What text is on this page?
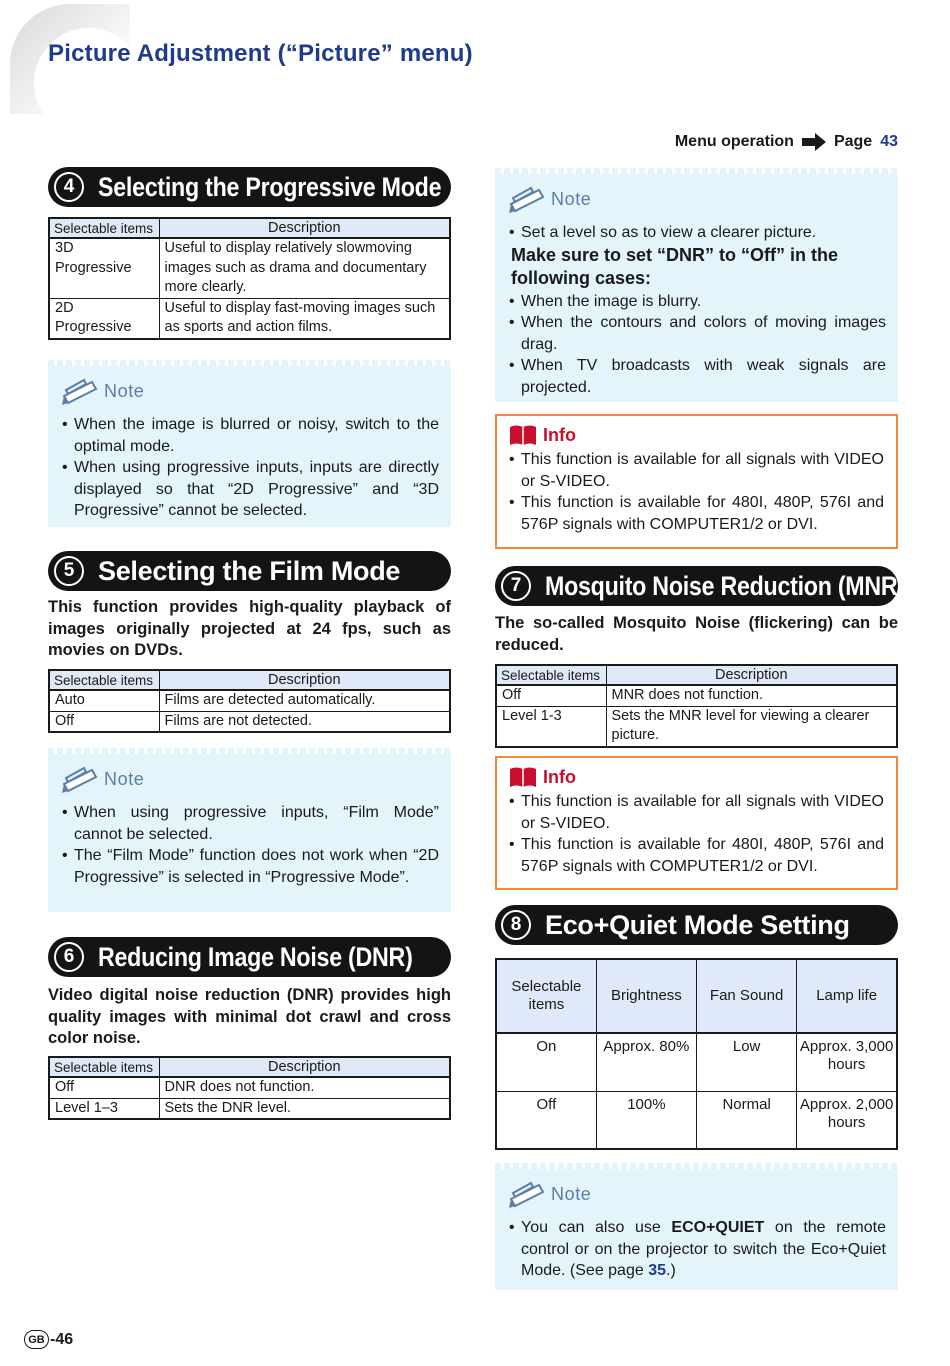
Picture Adjustment (“Picture” menu)
Menu operation	Page 43
4 Selecting the Progressive Mode
Selectable items	Description
3D Progressive	Useful to display relatively slowmoving images such as drama and documentary more clearly.
2D Progressive	Useful to display fast-moving images such as sports and action films.
Note
• When the image is blurred or noisy, switch to the optimal mode.
• When using progressive inputs, inputs are directly displayed so that “2D Progressive” and “3D Progressive” cannot be selected.
5 Selecting the Film Mode
This function provides high-quality playback of images originally projected at 24 fps, such as movies on DVDs.
Selectable items	Description
Auto	Films are detected automatically.
Off	Films are not detected.
Note
• When using progressive inputs, “Film Mode” cannot be selected.
• The “Film Mode” function does not work when “2D Progressive” is selected in “Progressive Mode”.
6 Reducing Image Noise (DNR)
Video digital noise reduction (DNR) provides high quality images with minimal dot crawl and cross color noise.
Selectable items	Description
Off	DNR does not function.
Level 1–3	Sets the DNR level.
Note
• Set a level so as to view a clearer picture.
Make sure to set “DNR” to “Off” in the following cases:
• When the image is blurry.
• When the contours and colors of moving images drag.
• When TV broadcasts with weak signals are projected.
Info
• This function is available for all signals with VIDEO or S-VIDEO.
• This function is available for 480I, 480P, 576I and 576P signals with COMPUTER1/2 or DVI.
7 Mosquito Noise Reduction (MNR)
The so-called Mosquito Noise (flickering) can be reduced.
Selectable items	Description
Off	MNR does not function.
Level 1-3	Sets the MNR level for viewing a clearer picture.
Info
• This function is available for all signals with VIDEO or S-VIDEO.
• This function is available for 480I, 480P, 576I and 576P signals with COMPUTER1/2 or DVI.
8 Eco+Quiet Mode Setting
Selectable items	Brightness	Fan Sound	Lamp life
On	Approx. 80%	Low	Approx. 3,000 hours
Off	100%	Normal	Approx. 2,000 hours
Note
• You can also use ECO+QUIET on the remote control or on the projector to switch the Eco+Quiet Mode. (See page 35.)
GB -46
